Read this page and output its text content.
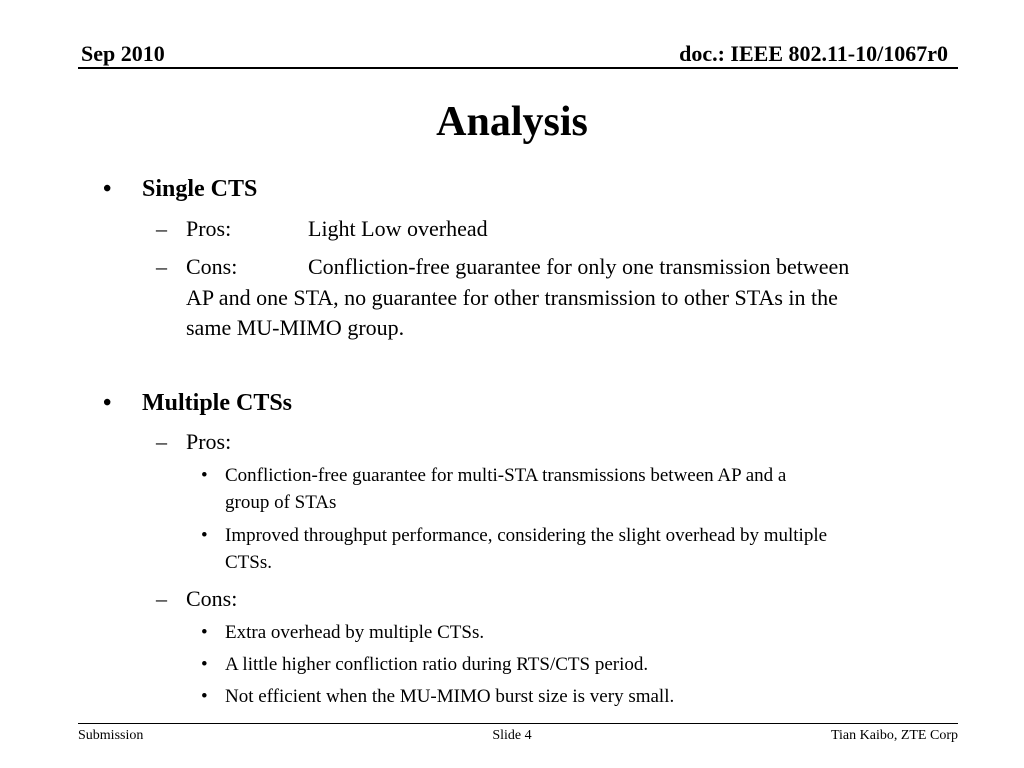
Sep 2010	doc.: IEEE 802.11-10/1067r0
Analysis
• Single CTS
– Pros:	Light Low overhead
– Cons:	Confliction-free guarantee for only one transmission between
AP and one STA, no guarantee for other transmission to other STAs in the
same MU-MIMO group.
• Multiple CTSs
– Pros:
• Confliction-free guarantee for multi-STA transmissions between AP and a
group of STAs
• Improved throughput performance, considering the slight overhead by multiple
CTSs.
– Cons:
• Extra overhead by multiple CTSs.
• A little higher confliction ratio during RTS/CTS period.
• Not efficient when the MU-MIMO burst size is very small.
Submission	Slide 4	Tian Kaibo, ZTE Corp
